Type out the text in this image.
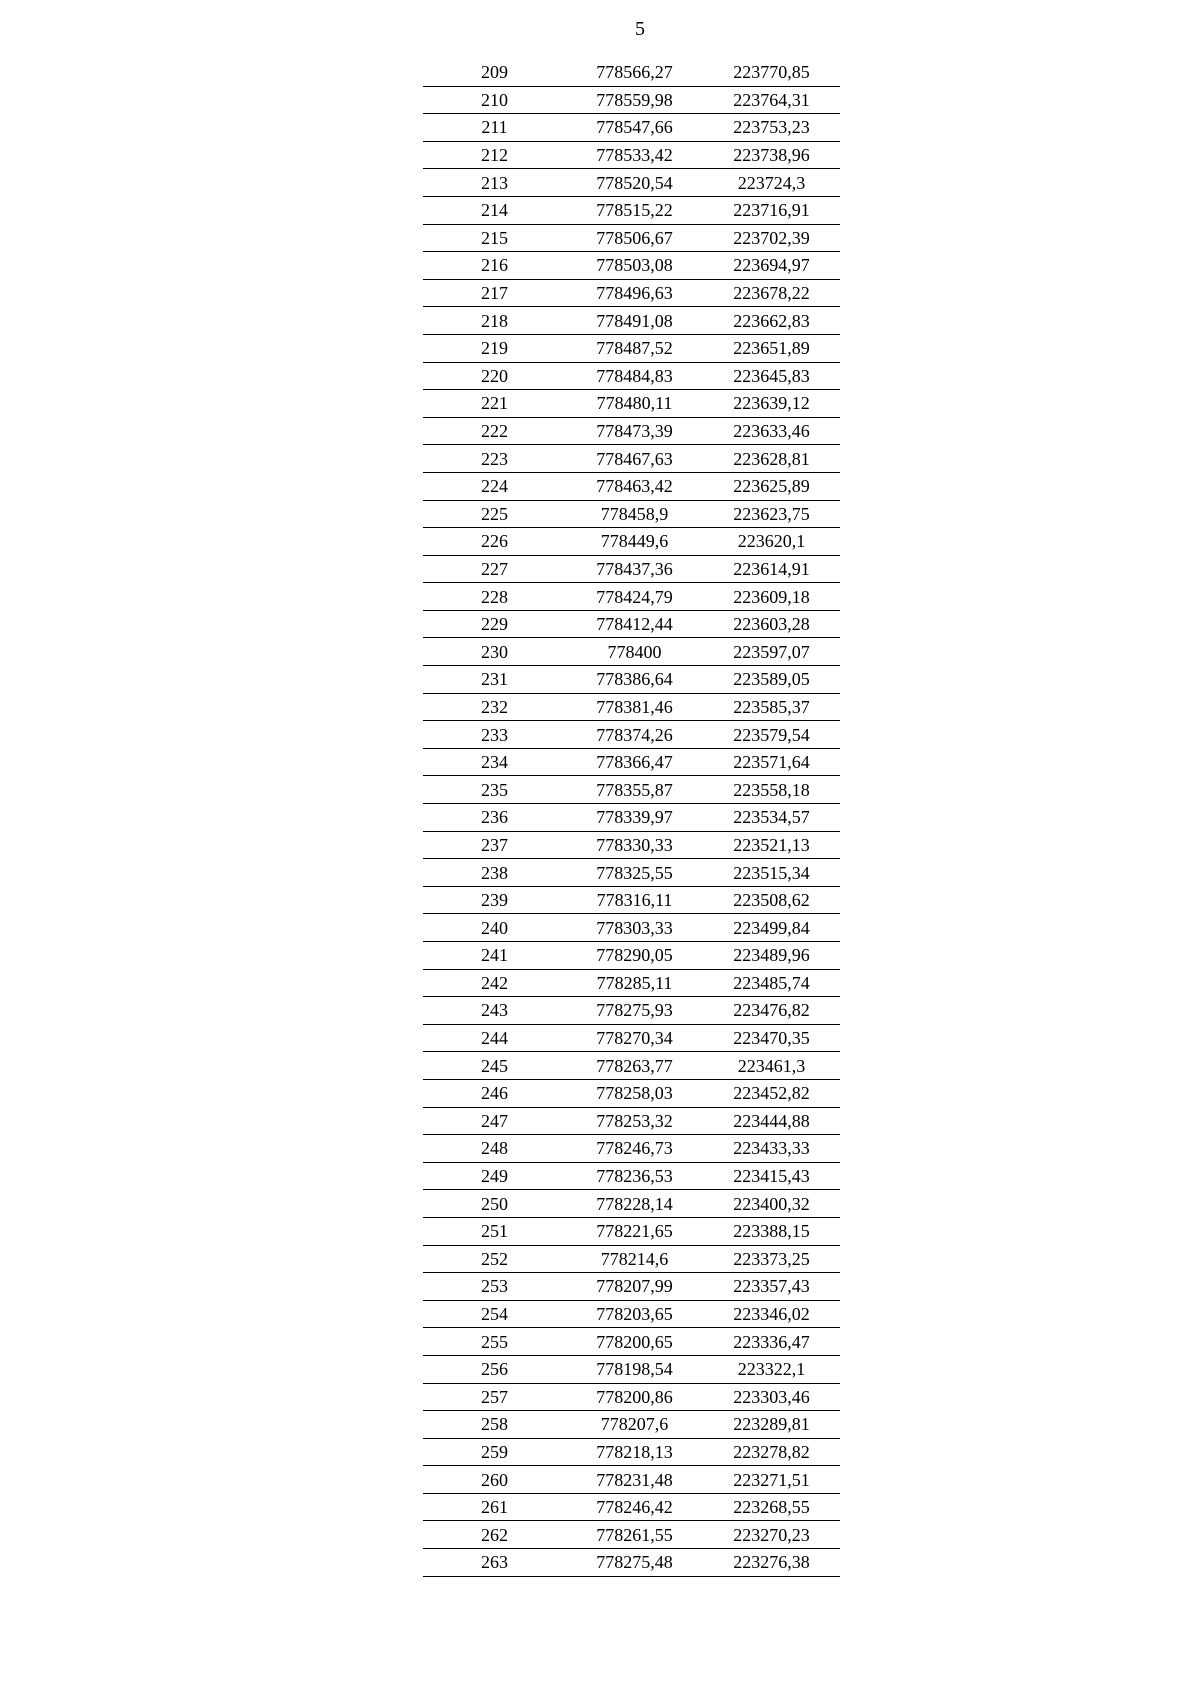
5
209	778566,27	223770,85
210	778559,98	223764,31
211	778547,66	223753,23
212	778533,42	223738,96
213	778520,54	223724,3
214	778515,22	223716,91
215	778506,67	223702,39
216	778503,08	223694,97
217	778496,63	223678,22
218	778491,08	223662,83
219	778487,52	223651,89
220	778484,83	223645,83
221	778480,11	223639,12
222	778473,39	223633,46
223	778467,63	223628,81
224	778463,42	223625,89
225	778458,9	223623,75
226	778449,6	223620,1
227	778437,36	223614,91
228	778424,79	223609,18
229	778412,44	223603,28
230	778400	223597,07
231	778386,64	223589,05
232	778381,46	223585,37
233	778374,26	223579,54
234	778366,47	223571,64
235	778355,87	223558,18
236	778339,97	223534,57
237	778330,33	223521,13
238	778325,55	223515,34
239	778316,11	223508,62
240	778303,33	223499,84
241	778290,05	223489,96
242	778285,11	223485,74
243	778275,93	223476,82
244	778270,34	223470,35
245	778263,77	223461,3
246	778258,03	223452,82
247	778253,32	223444,88
248	778246,73	223433,33
249	778236,53	223415,43
250	778228,14	223400,32
251	778221,65	223388,15
252	778214,6	223373,25
253	778207,99	223357,43
254	778203,65	223346,02
255	778200,65	223336,47
256	778198,54	223322,1
257	778200,86	223303,46
258	778207,6	223289,81
259	778218,13	223278,82
260	778231,48	223271,51
261	778246,42	223268,55
262	778261,55	223270,23
263	778275,48	223276,38
